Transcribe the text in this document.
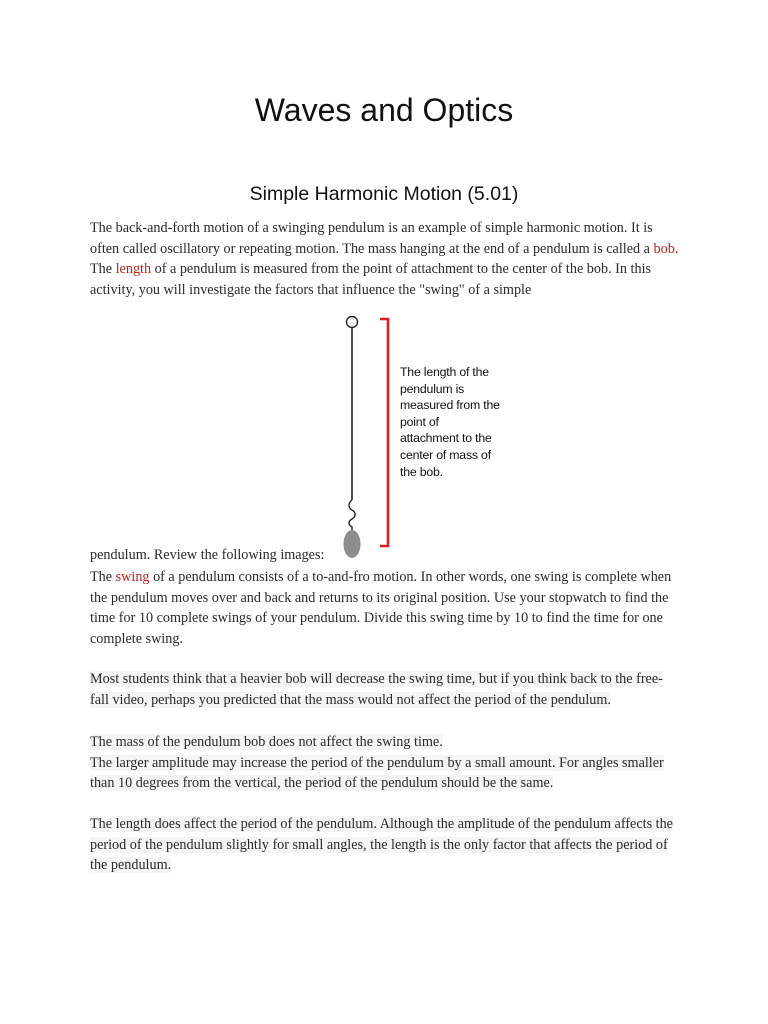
Waves and Optics
Simple Harmonic Motion (5.01)

The back-and-forth motion of a swinging pendulum is an example of simple harmonic motion. It is often called oscillatory or repeating motion. The mass hanging at the end of a pendulum is called a bob. The length of a pendulum is measured from the point of attachment to the center of the bob. In this activity, you will investigate the factors that influence the "swing" of a simple

The length of the pendulum is measured from the point of attachment to the center of mass of the bob.

pendulum. Review the following images:

The swing of a pendulum consists of a to-and-fro motion. In other words, one swing is complete when the pendulum moves over and back and returns to its original position. Use your stopwatch to find the time for 10 complete swings of your pendulum. Divide this swing time by 10 to find the time for one complete swing.

Most students think that a heavier bob will decrease the swing time, but if you think back to the free-fall video, perhaps you predicted that the mass would not affect the period of the pendulum.

The mass of the pendulum bob does not affect the swing time.
The larger amplitude may increase the period of the pendulum by a small amount. For angles smaller than 10 degrees from the vertical, the period of the pendulum should be the same.

The length does affect the period of the pendulum. Although the amplitude of the pendulum affects the period of the pendulum slightly for small angles, the length is the only factor that affects the period of the pendulum.
